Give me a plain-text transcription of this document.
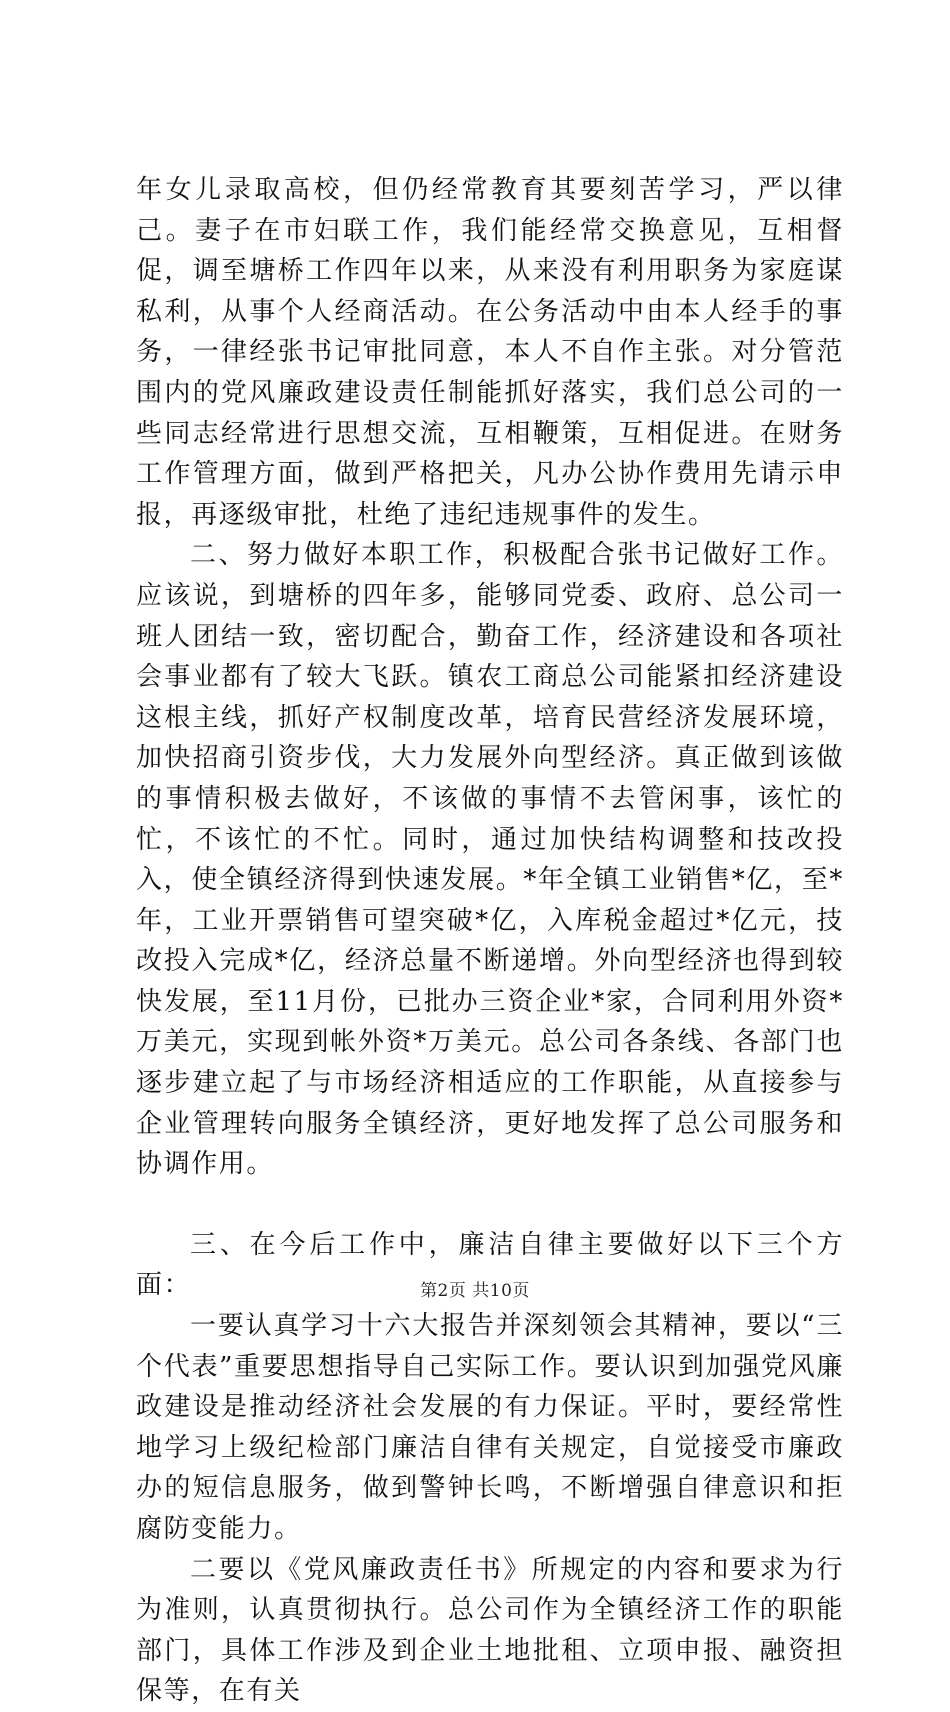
年女儿录取高校，但仍经常教育其要刻苦学习，严以律己。妻子在市妇联工作，我们能经常交换意见，互相督促，调至塘桥工作四年以来，从来没有利用职务为家庭谋私利，从事个人经商活动。在公务活动中由本人经手的事务，一律经张书记审批同意，本人不自作主张。对分管范围内的党风廉政建设责任制能抓好落实，我们总公司的一些同志经常进行思想交流，互相鞭策，互相促进。在财务工作管理方面，做到严格把关，凡办公协作费用先请示申报，再逐级审批，杜绝了违纪违规事件的发生。

二、努力做好本职工作，积极配合张书记做好工作。应该说，到塘桥的四年多，能够同党委、政府、总公司一班人团结一致，密切配合，勤奋工作，经济建设和各项社会事业都有了较大飞跃。镇农工商总公司能紧扣经济建设这根主线，抓好产权制度改革，培育民营经济发展环境，加快招商引资步伐，大力发展外向型经济。真正做到该做的事情积极去做好，不该做的事情不去管闲事，该忙的忙，不该忙的不忙。同时，通过加快结构调整和技改投入，使全镇经济得到快速发展。*年全镇工业销售*亿，至*年，工业开票销售可望突破*亿，入库税金超过*亿元，技改投入完成*亿，经济总量不断递增。外向型经济也得到较快发展，至11月份，已批办三资企业*家，合同利用外资*万美元，实现到帐外资*万美元。总公司各条线、各部门也逐步建立起了与市场经济相适应的工作职能，从直接参与企业管理转向服务全镇经济，更好地发挥了总公司服务和协调作用。

三、在今后工作中，廉洁自律主要做好以下三个方面：

一要认真学习十六大报告并深刻领会其精神，要以“三个代表”重要思想指导自己实际工作。要认识到加强党风廉政建设是推动经济社会发展的有力保证。平时，要经常性地学习上级纪检部门廉洁自律有关规定，自觉接受市廉政办的短信息服务，做到警钟长鸣，不断增强自律意识和拒腐防变能力。

二要以《党风廉政责任书》所规定的内容和要求为行为准则，认真贯彻执行。总公司作为全镇经济工作的职能部门，具体工作涉及到企业土地批租、立项申报、融资担保等，在有关

第2页 共10页
